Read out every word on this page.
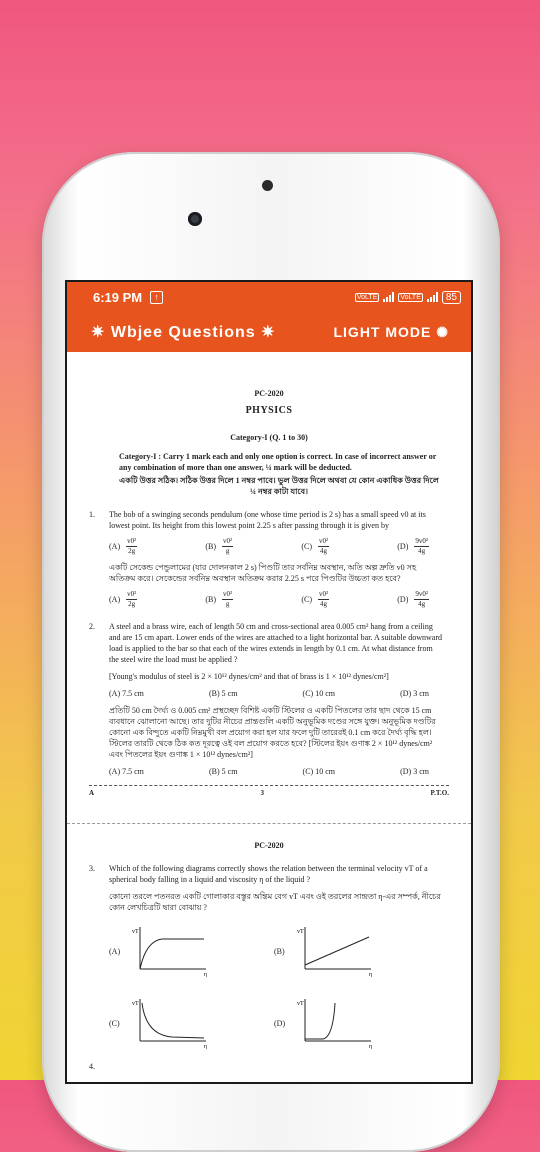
6:19 PM	↑	VoLTE	VoLTE	85
✷ Wbjee Questions ✷	LIGHT MODE ✺
PC-2020
PHYSICS
Category-I (Q. 1 to 30)
Category-I : Carry 1 mark each and only one option is correct. In case of incorrect answer or any combination of more than one answer, ¼ mark will be deducted.
একটি উত্তর সঠিক। সঠিক উত্তর দিলে 1 নম্বর পাবে। ভুল উত্তর দিলে অথবা যে কোন একাধিক উত্তর দিলে ¼ নম্বর কাটা যাবে।
1.	The bob of a swinging seconds pendulum (one whose time period is 2 s) has a small speed v0 at its lowest point. Its height from this lowest point 2.25 s after passing through it is given by
$(A) \frac{\text{v0²}}{2g}$	$(B) \frac{\text{v0²}}{g}$	$(C) \frac{\text{v0²}}{4g}$	$(D) \frac{\text{9v0²}}{4g}$
একটি সেকেন্ড পেন্ডুলামের (যার দোলনকাল 2 s) পিণ্ডটি তার সর্বনিম্ন অবস্থান, অতি অল্প দ্রুতি v0 সহ অতিক্রম করে। সেকেন্ডের সর্বনিম্ন অবস্থান অতিক্রম করার 2.25 s পরে পিণ্ডটির উচ্চতা কত হবে?
$(A) \frac{\text{v0²}}{2g}$	$(B) \frac{\text{v0²}}{g}$	$(C) \frac{\text{v0²}}{4g}$	$(D) \frac{\text{9v0²}}{4g}$
2.	A steel and a brass wire, each of length 50 cm and cross-sectional area 0.005 cm² hang from a ceiling and are 15 cm apart. Lower ends of the wires are attached to a light horizontal bar. A suitable downward load is applied to the bar so that each of the wires extends in length by 0.1 cm. At what distance from the steel wire the load must be applied ?
[Young's modulus of steel is 2 × 10¹² dynes/cm² and that of brass is 1 × 10¹² dynes/cm²]
(A) 7.5 cm	(B) 5 cm	(C) 10 cm	(D) 3 cm
প্রতিটি 50 cm দৈর্ঘ্য ও 0.005 cm² প্রস্থচ্ছেদ বিশিষ্ট একটি স্টিলের ও একটি পিতলের তার ছাদ থেকে 15 cm ব্যবধানে ঝোলানো আছে। তার দুটির নীচের প্রান্তগুলি একটি অনুভূমিক দণ্ডের সঙ্গে যুক্ত। অনুভূমিক দণ্ডটির কোনো এক বিন্দুতে একটি নিম্নমুখী বল প্রয়োগ করা হল যার ফলে দুটি তারেরই 0.1 cm করে দৈর্ঘ্য বৃদ্ধি হল। স্টিলের তারটি থেকে ঠিক কত দূরত্বে ওই বল প্রয়োগ করতে হবে? [স্টিলের ইয়ং গুণাঙ্ক 2 × 10¹² dynes/cm² এবং পিতলের ইয়ং গুণাঙ্ক 1 × 10¹² dynes/cm²]
(A) 7.5 cm	(B) 5 cm	(C) 10 cm	(D) 3 cm
A	3	P.T.O.
PC-2020
3.	Which of the following diagrams correctly shows the relation between the terminal velocity vT of a spherical body falling in a liquid and viscosity η of the liquid ?
কোনো তরলে পতনরত একটি গোলাকার বস্তুর অন্তিম বেগ vT এবং ওই তরলের সান্দ্রতা η-এর সম্পর্ক, নীচের কোন লেখচিত্রটি দ্বারা বোঝায় ?
(A)
vT
η
(B)
vT
η
(C)
vT
η
(D)
vT
η
4.
